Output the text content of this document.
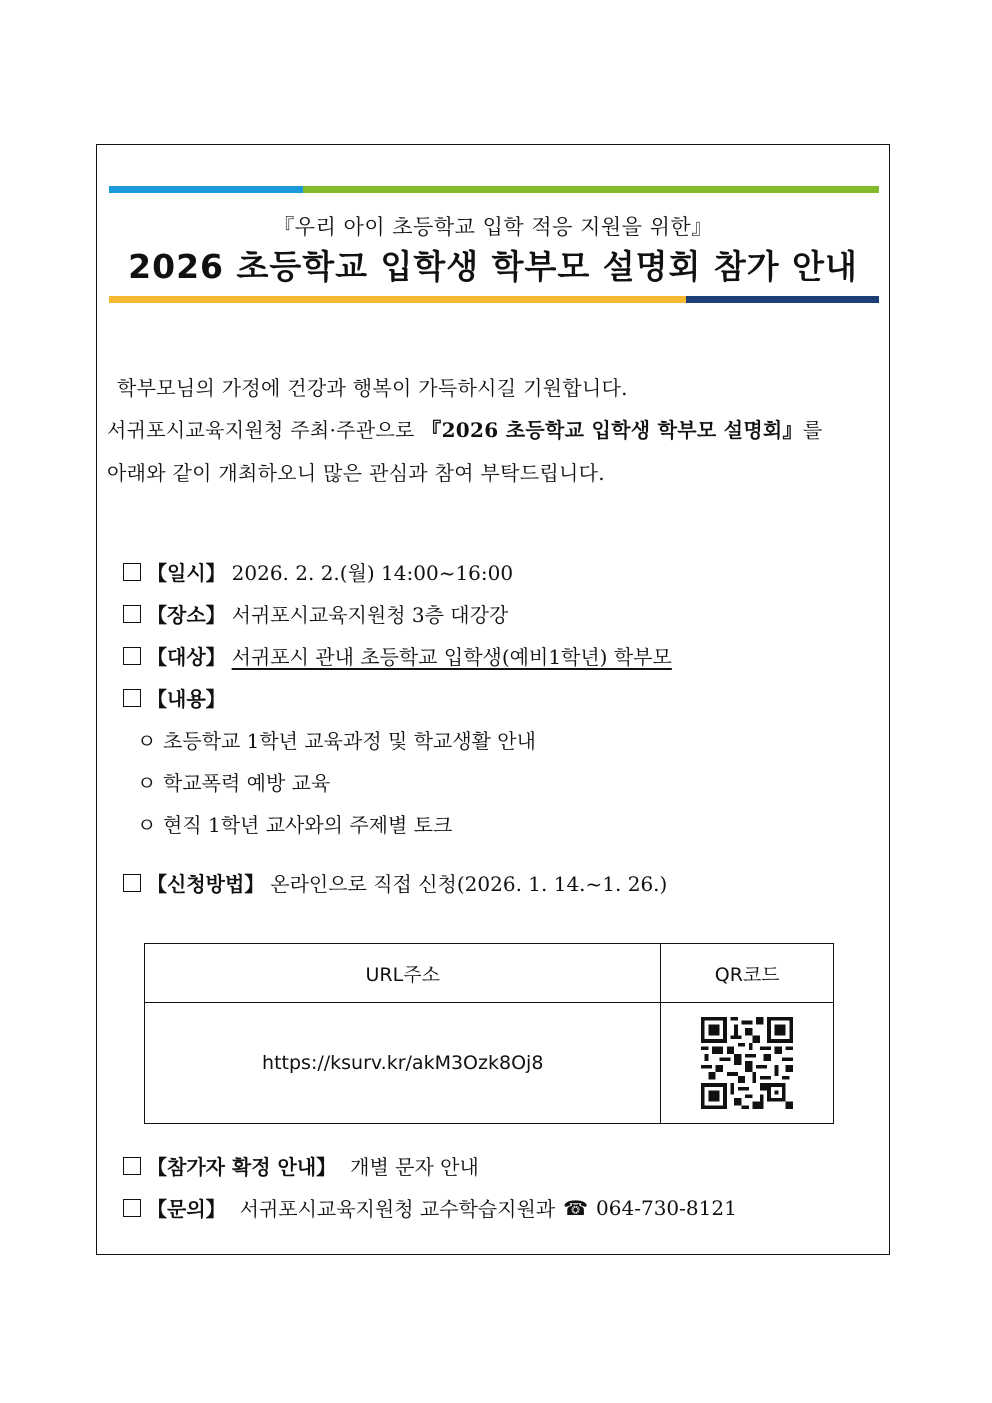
『우리 아이 초등학교 입학 적응 지원을 위한』
2026 초등학교 입학생 학부모 설명회 참가 안내
학부모님의 가정에 건강과 행복이 가득하시길 기원합니다.
서귀포시교육지원청 주최·주관으로 『2026 초등학교 입학생 학부모 설명회』를
아래와 같이 개최하오니 많은 관심과 참여 부탁드립니다.
【일시】 2026. 2. 2.(월) 14:00~16:00
【장소】 서귀포시교육지원청 3층 대강강
【대상】 서귀포시 관내 초등학교 입학생(예비1학년) 학부모
【내용】
ㅇ 초등학교 1학년 교육과정 및 학교생활 안내
ㅇ 학교폭력 예방 교육
ㅇ 현직 1학년 교사와의 주제별 토크
【신청방법】 온라인으로 직접 신청(2026. 1. 14.~1. 26.)
URL주소	QR코드
https://ksurv.kr/akM3Ozk8Oj8	
【참가자 확정 안내】 개별 문자 안내
【문의】 서귀포시교육지원청 교수학습지원과 ☎ 064-730-8121
